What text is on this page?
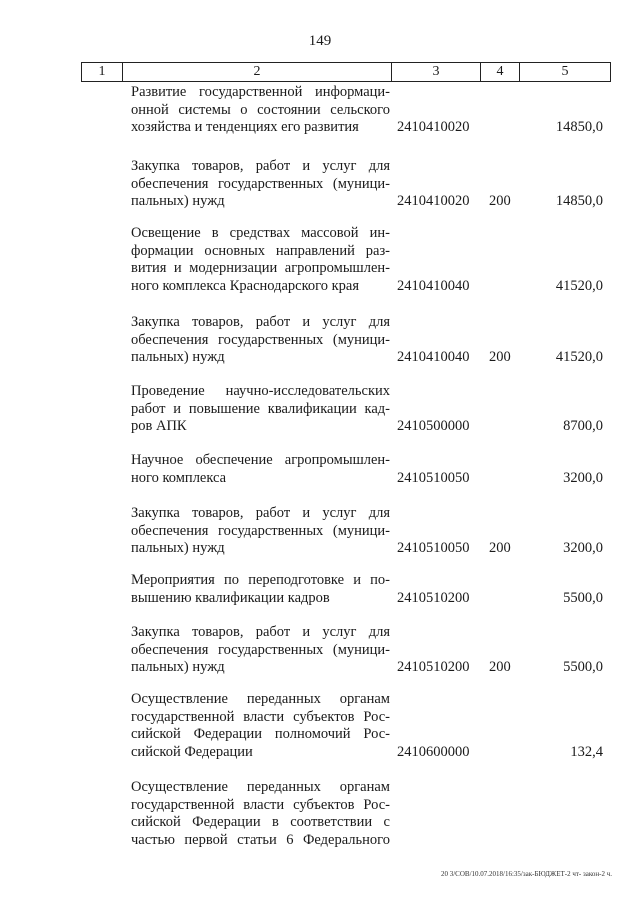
149
1	2	3	4	5
Развитие государственной информаци-
онной системы о состоянии сельского
хозяйства и тенденциях его развития	2410410020	14850,0
Закупка товаров, работ и услуг для
обеспечения государственных (муници-
пальных) нужд	2410410020 200	14850,0
Освещение в средствах массовой ин-
формации основных направлений раз-
вития и модернизации агропромышлен-
ного комплекса Краснодарского края	2410410040	41520,0
Закупка товаров, работ и услуг для
обеспечения государственных (муници-
пальных) нужд	2410410040 200	41520,0
Проведение научно-исследовательских
работ и повышение квалификации кад-
ров АПК	2410500000	8700,0
Научное обеспечение агропромышлен-
ного комплекса	2410510050	3200,0
Закупка товаров, работ и услуг для
обеспечения государственных (муници-
пальных) нужд	2410510050 200	3200,0
Мероприятия по переподготовке и по-
вышению квалификации кадров	2410510200	5500,0
Закупка товаров, работ и услуг для
обеспечения государственных (муници-
пальных) нужд	2410510200 200	5500,0
Осуществление переданных органам
государственной власти субъектов Рос-
сийской Федерации полномочий Рос-
сийской Федерации	2410600000	132,4
Осуществление переданных органам
государственной власти субъектов Рос-
сийской Федерации в соответствии с
частью первой статьи 6 Федерального
20 3/СОВ/10.07.2018/16:35/зак-БЮДЖЕТ-2 чт- закон-2 ч.
